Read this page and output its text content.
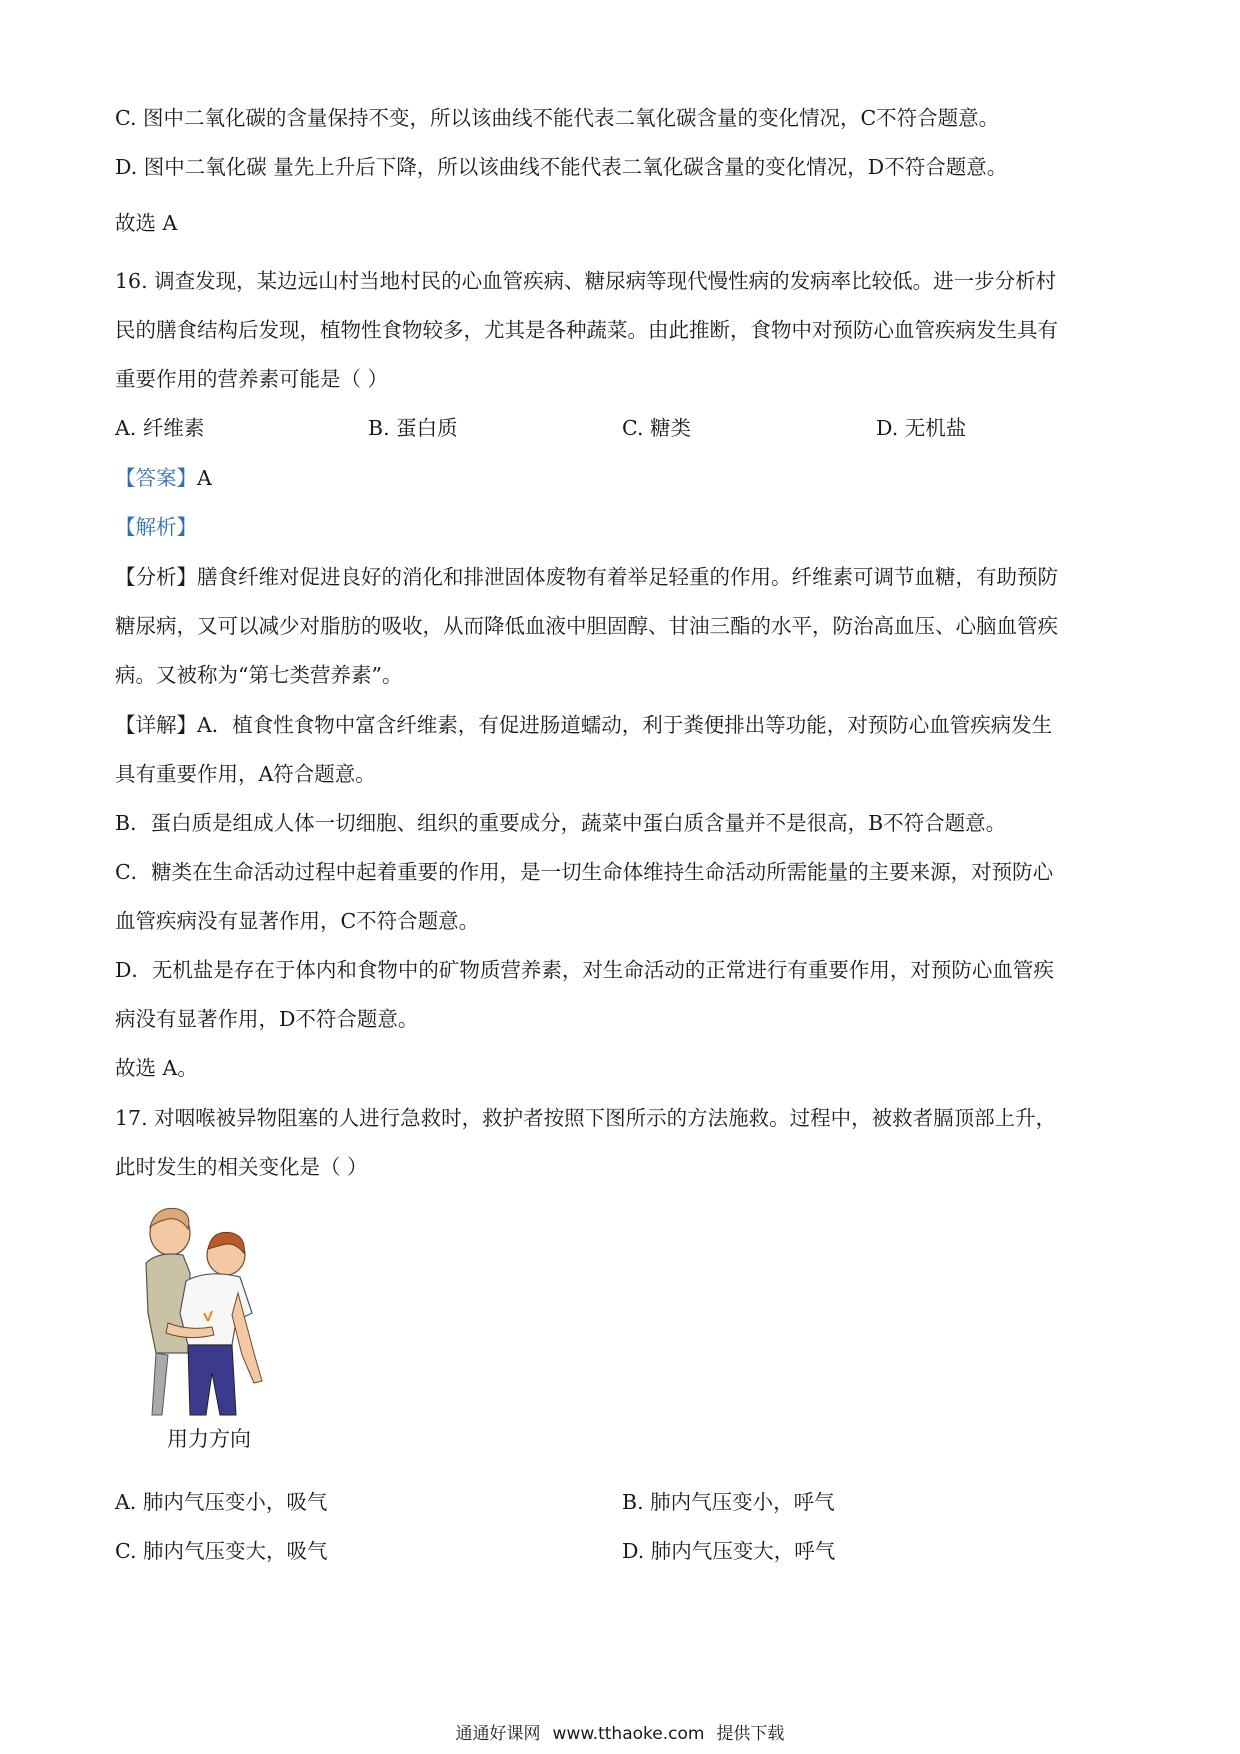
C. 图中二氧化碳的含量保持不变，所以该曲线不能代表二氧化碳含量的变化情况，C不符合题意。
D. 图中二氧化碳 量先上升后下降，所以该曲线不能代表二氧化碳含量的变化情况，D不符合题意。
故选 A
16. 调查发现，某边远山村当地村民的心血管疾病、糖尿病等现代慢性病的发病率比较低。进一步分析村
民的膳食结构后发现，植物性食物较多，尤其是各种蔬菜。由此推断，食物中对预防心血管疾病发生具有
重要作用的营养素可能是（ ）
A. 纤维素	B. 蛋白质	C. 糖类	D. 无机盐
【答案】A
【解析】
【分析】膳食纤维对促进良好的消化和排泄固体废物有着举足轻重的作用。纤维素可调节血糖，有助预防
糖尿病，又可以减少对脂肪的吸收，从而降低血液中胆固醇、甘油三酯的水平，防治高血压、心脑血管疾
病。又被称为“第七类营养素”。
【详解】A．植食性食物中富含纤维素，有促进肠道蠕动，利于粪便排出等功能，对预防心血管疾病发生
具有重要作用，A符合题意。
B．蛋白质是组成人体一切细胞、组织的重要成分，蔬菜中蛋白质含量并不是很高，B不符合题意。
C．糖类在生命活动过程中起着重要的作用，是一切生命体维持生命活动所需能量的主要来源，对预防心
血管疾病没有显著作用，C不符合题意。
D．无机盐是存在于体内和食物中的矿物质营养素，对生命活动的正常进行有重要作用，对预防心血管疾
病没有显著作用，D不符合题意。
故选 A。
17. 对咽喉被异物阻塞的人进行急救时，救护者按照下图所示的方法施救。过程中，被救者膈顶部上升，
此时发生的相关变化是（ ）
用力方向
A. 肺内气压变小，吸气	B. 肺内气压变小，呼气
C. 肺内气压变大，吸气	D. 肺内气压变大，呼气
通通好课网 www.tthaoke.com 提供下载
